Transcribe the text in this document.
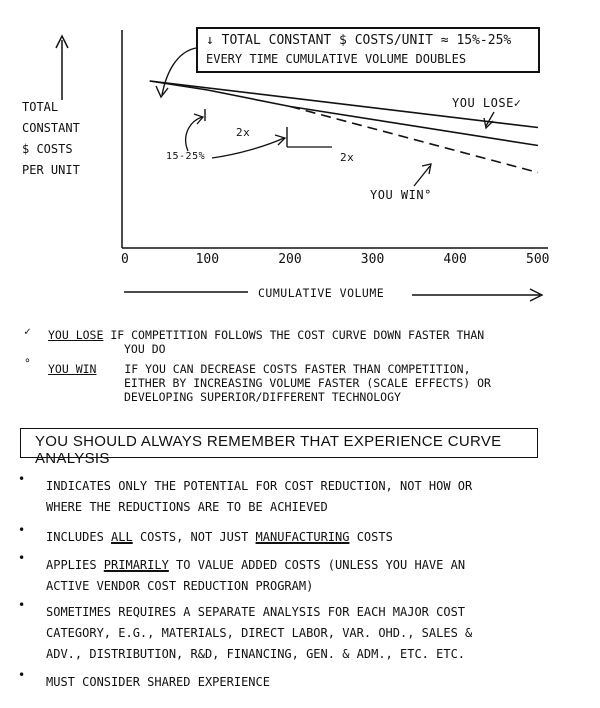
TOTAL
CONSTANT
$ COSTS
PER UNIT
↓ TOTAL CONSTANT $ COSTS/UNIT ≈ 15%-25%
EVERY TIME CUMULATIVE VOLUME DOUBLES
YOU LOSE✓
YOU WIN°
15-25%
2x
2x
0	100	200	300	400	500
CUMULATIVE VOLUME
✓ YOU LOSE IF COMPETITION FOLLOWS THE COST CURVE DOWN FASTER THAN
YOU DO
° YOU WIN IF YOU CAN DECREASE COSTS FASTER THAN COMPETITION,
EITHER BY INCREASING VOLUME FASTER (SCALE EFFECTS) OR
DEVELOPING SUPERIOR/DIFFERENT TECHNOLOGY
YOU SHOULD ALWAYS REMEMBER THAT EXPERIENCE CURVE ANALYSIS
• INDICATES ONLY THE POTENTIAL FOR COST REDUCTION, NOT HOW OR
WHERE THE REDUCTIONS ARE TO BE ACHIEVED
• INCLUDES ALL COSTS, NOT JUST MANUFACTURING COSTS
• APPLIES PRIMARILY TO VALUE ADDED COSTS (UNLESS YOU HAVE AN
ACTIVE VENDOR COST REDUCTION PROGRAM)
• SOMETIMES REQUIRES A SEPARATE ANALYSIS FOR EACH MAJOR COST
CATEGORY, E.G., MATERIALS, DIRECT LABOR, VAR. OHD., SALES &
ADV., DISTRIBUTION, R&D, FINANCING, GEN. & ADM., ETC. ETC.
• MUST CONSIDER SHARED EXPERIENCE
